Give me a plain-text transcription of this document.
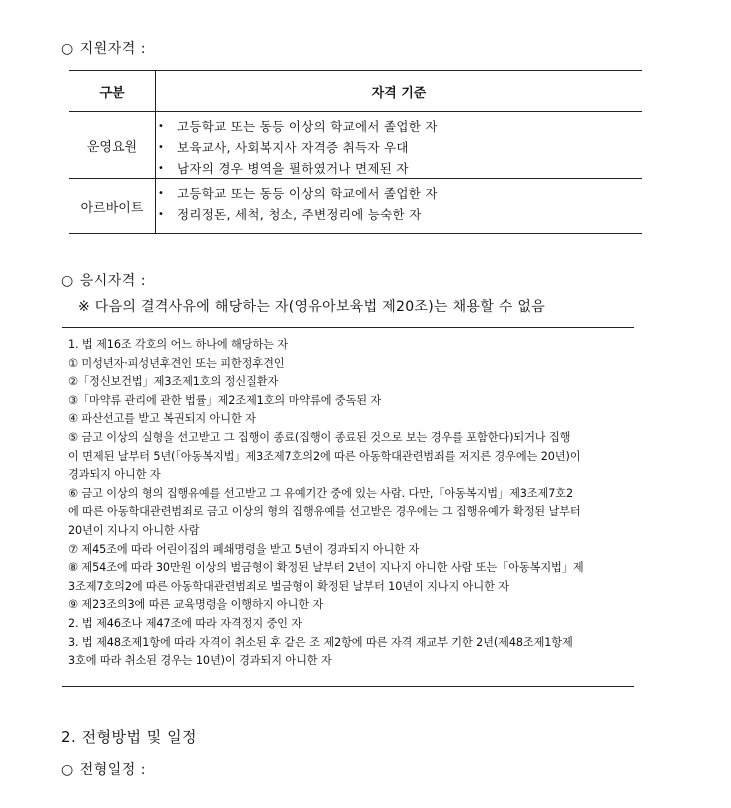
○ 지원자격 :
구분	자격 기준
운영요원
• 고등학교 또는 동등 이상의 학교에서 졸업한 자
• 보육교사, 사회복지사 자격증 취득자 우대
• 남자의 경우 병역을 필하였거나 면제된 자
아르바이트
• 고등학교 또는 동등 이상의 학교에서 졸업한 자
• 정리정돈, 세척, 청소, 주변정리에 능숙한 자
○ 응시자격 :
※ 다음의 결격사유에 해당하는 자(영유아보육법 제20조)는 채용할 수 없음
1. 법 제16조 각호의 어느 하나에 해당하는 자
① 미성년자·피성년후견인 또는 피한정후견인
②「정신보건법」제3조제1호의 정신질환자
③「마약류 관리에 관한 법률」제2조제1호의 마약류에 중독된 자
④ 파산선고를 받고 복권되지 아니한 자
⑤ 금고 이상의 실형을 선고받고 그 집행이 종료(집행이 종료된 것으로 보는 경우를 포함한다)되거나 집행
이 면제된 날부터 5년(「아동복지법」제3조제7호의2에 따른 아동학대관련범죄를 저지른 경우에는 20년)이
경과되지 아니한 자
⑥ 금고 이상의 형의 집행유예를 선고받고 그 유예기간 중에 있는 사람. 다만,「아동복지법」제3조제7호2
에 따른 아동학대관련범죄로 금고 이상의 형의 집행유예를 선고받은 경우에는 그 집행유예가 확정된 날부터
20년이 지나지 아니한 사람
⑦ 제45조에 따라 어린이집의 폐쇄명령을 받고 5년이 경과되지 아니한 자
⑧ 제54조에 따라 30만원 이상의 벌금형이 확정된 날부터 2년이 지나지 아니한 사람 또는「아동복지법」제
3조제7호의2에 따른 아동학대관련범죄로 벌금형이 확정된 날부터 10년이 지나지 아니한 자
⑨ 제23조의3에 따른 교육명령을 이행하지 아니한 자
2. 법 제46조나 제47조에 따라 자격정지 중인 자
3. 법 제48조제1항에 따라 자격이 취소된 후 같은 조 제2항에 따른 자격 재교부 기한 2년(제48조제1항제
3호에 따라 취소된 경우는 10년)이 경과되지 아니한 자
2. 전형방법 및 일정
○ 전형일정 :
